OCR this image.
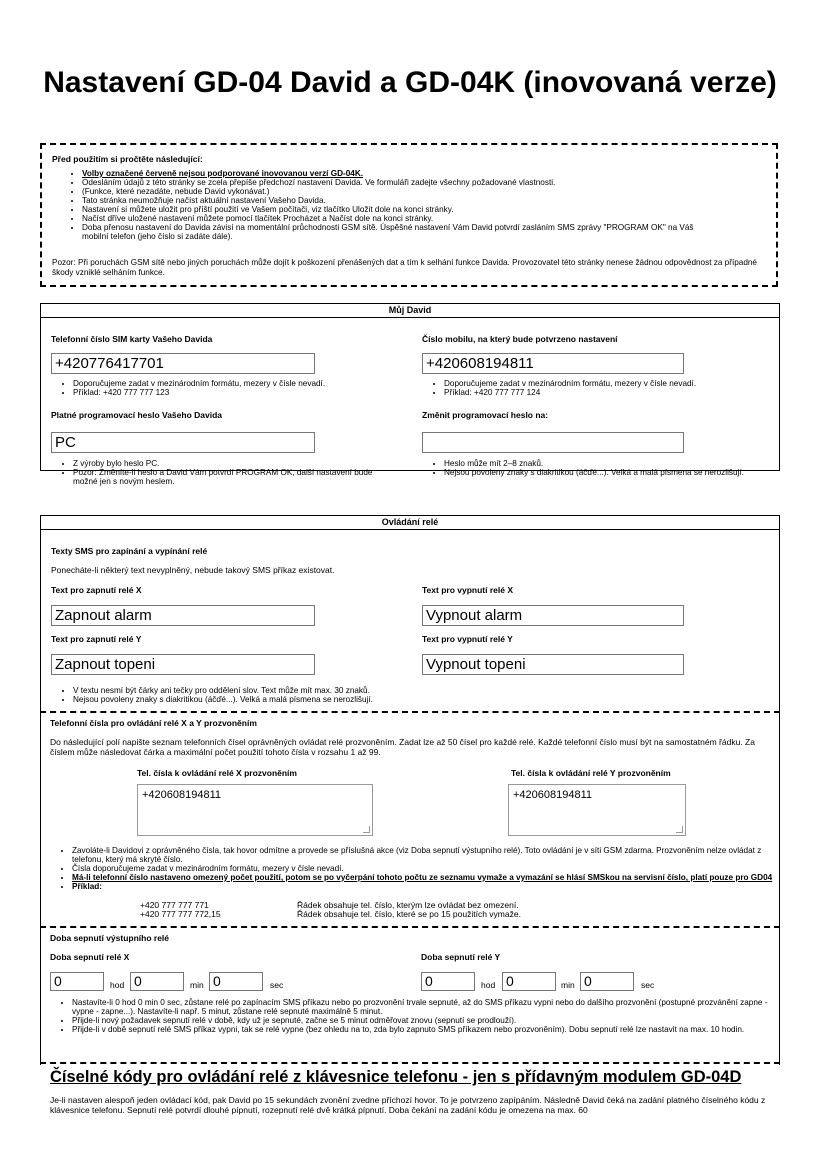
Nastavení GD-04 David a GD-04K (inovovaná verze)

Před použitím si pročtěte následující:

• Volby označené červeně nejsou podporované inovovanou verzí GD-04K.
• Odesláním údajů z této stránky se zcela přepíše předchozí nastavení Davida. Ve formuláři zadejte všechny požadované vlastnosti.
• (Funkce, které nezadáte, nebude David vykonávat.)
• Tato stránka neumožňuje načíst aktuální nastavení Vašeho Davida.
• Nastavení si můžete uložit pro příští použití ve Vašem počítači, viz tlačítko Uložit dole na konci stránky.
• Načíst dříve uložené nastavení můžete pomocí tlačítek Procházet a Načíst dole na konci stránky.
• Doba přenosu nastavení do Davida závisí na momentální průchodnosti GSM sítě. Úspěšné nastavení Vám David potvrdí zasláním SMS zprávy "PROGRAM OK" na Váš mobilní telefon (jeho číslo si zadáte dále).

Pozor: Při poruchách GSM sítě nebo jiných poruchách může dojít k poškození přenášených dat a tím k selhání funkce Davida. Provozovatel této stránky nenese žádnou odpovědnost za případné škody vzniklé selháním funkce.

Můj David
Telefonní číslo SIM karty Vašeho Davida
+420776417701
• Doporučujeme zadat v mezinárodním formátu, mezery v čísle nevadí.
• Příklad: +420 777 777 123
Číslo mobilu, na který bude potvrzeno nastavení
+420608194811
• Doporučujeme zadat v mezinárodním formátu, mezery v čísle nevadí.
• Příklad: +420 777 777 124
Platné programovací heslo Vašeho Davida
PC
• Z výroby bylo heslo PC.
• Pozor: Změníte-li heslo a David Vám potvrdí PROGRAM OK, další nastavení bude možné jen s novým heslem.
Změnit programovací heslo na:
• Heslo může mít 2–8 znaků.
• Nejsou povoleny znaky s diakritikou (áčďé...). Velká a malá písmena se nerozlišují.
Ovládání relé
Texty SMS pro zapínání a vypínání relé
Ponecháte-li některý text nevyplněný, nebude takový SMS příkaz existovat.
Text pro zapnutí relé X
Zapnout alarm
Text pro vypnutí relé X
Vypnout alarm
Text pro zapnutí relé Y
Zapnout topeni
Text pro vypnutí relé Y
Vypnout topeni
• V textu nesmí být čárky ani tečky pro oddělení slov. Text může mít max. 30 znaků.
• Nejsou povoleny znaky s diakritikou (áčďé...). Velká a malá písmena se nerozlišují.
Telefonní čísla pro ovládání relé X a Y prozvoněním
Do následující polí napište seznam telefonních čísel oprávněných ovládat relé prozvoněním. Zadat lze až 50 čísel pro každé relé. Každé telefonní číslo musí být na samostatném řádku. Za číslem může následovat čárka a maximální počet použití tohoto čísla v rozsahu 1 až 99.
Tel. čísla k ovládání relé X prozvoněním
+420608194811
Tel. čísla k ovládání relé Y prozvoněním
+420608194811
• Zavoláte-li Davidovi z oprávněného čísla, tak hovor odmítne a provede se příslušná akce (viz Doba sepnutí výstupního relé). Toto ovládání je v síti GSM zdarma. Prozvoněním nelze ovládat z telefonu, který má skryté číslo.
• Čísla doporučujeme zadat v mezinárodním formátu, mezery v čísle nevadí.
• Má-li telefonní číslo nastaveno omezený počet použití, potom se po vyčerpání tohoto počtu ze seznamu vymaže a vymazání se hlásí SMSkou na servisní číslo, platí pouze pro GD04
• Příklad:
+420 777 777 771	Řádek obsahuje tel. číslo, kterým lze ovládat bez omezení.
+420 777 777 772,15	Řádek obsahuje tel. číslo, které se po 15 použitích vymaže.
Doba sepnutí výstupního relé
Doba sepnutí relé X
0	hod 0	min 0	sec
Doba sepnutí relé Y
0	hod 0	min 0	sec
• Nastavíte-li 0 hod 0 min 0 sec, zůstane relé po zapínacím SMS příkazu nebo po prozvonění trvale sepnuté, až do SMS příkazu vypni nebo do dalšího prozvonění (postupné prozvánění zapne - vypne - zapne...). Nastavíte-li např. 5 minut, zůstane relé sepnuté maximálně 5 minut.
• Přijde-li nový požadavek sepnutí relé v době, kdy už je sepnuté, začne se 5 minut odměřovat znovu (sepnutí se prodlouží).
• Přijde-li v době sepnutí relé SMS příkaz vypni, tak se relé vypne (bez ohledu na to, zda bylo zapnuto SMS příkazem nebo prozvoněním). Dobu sepnutí relé lze nastavit na max. 10 hodin.
Číselné kódy pro ovládání relé z klávesnice telefonu - jen s přídavným modulem GD-04D
Je-li nastaven alespoň jeden ovládací kód, pak David po 15 sekundách zvonění zvedne příchozí hovor. To je potvrzeno zapípáním. Následně David čeká na zadání platného číselného kódu z klávesnice telefonu. Sepnutí relé potvrdí dlouhé pípnutí, rozepnutí relé dvě krátká pípnutí. Doba čekání na zadání kódu je omezena na max. 60
